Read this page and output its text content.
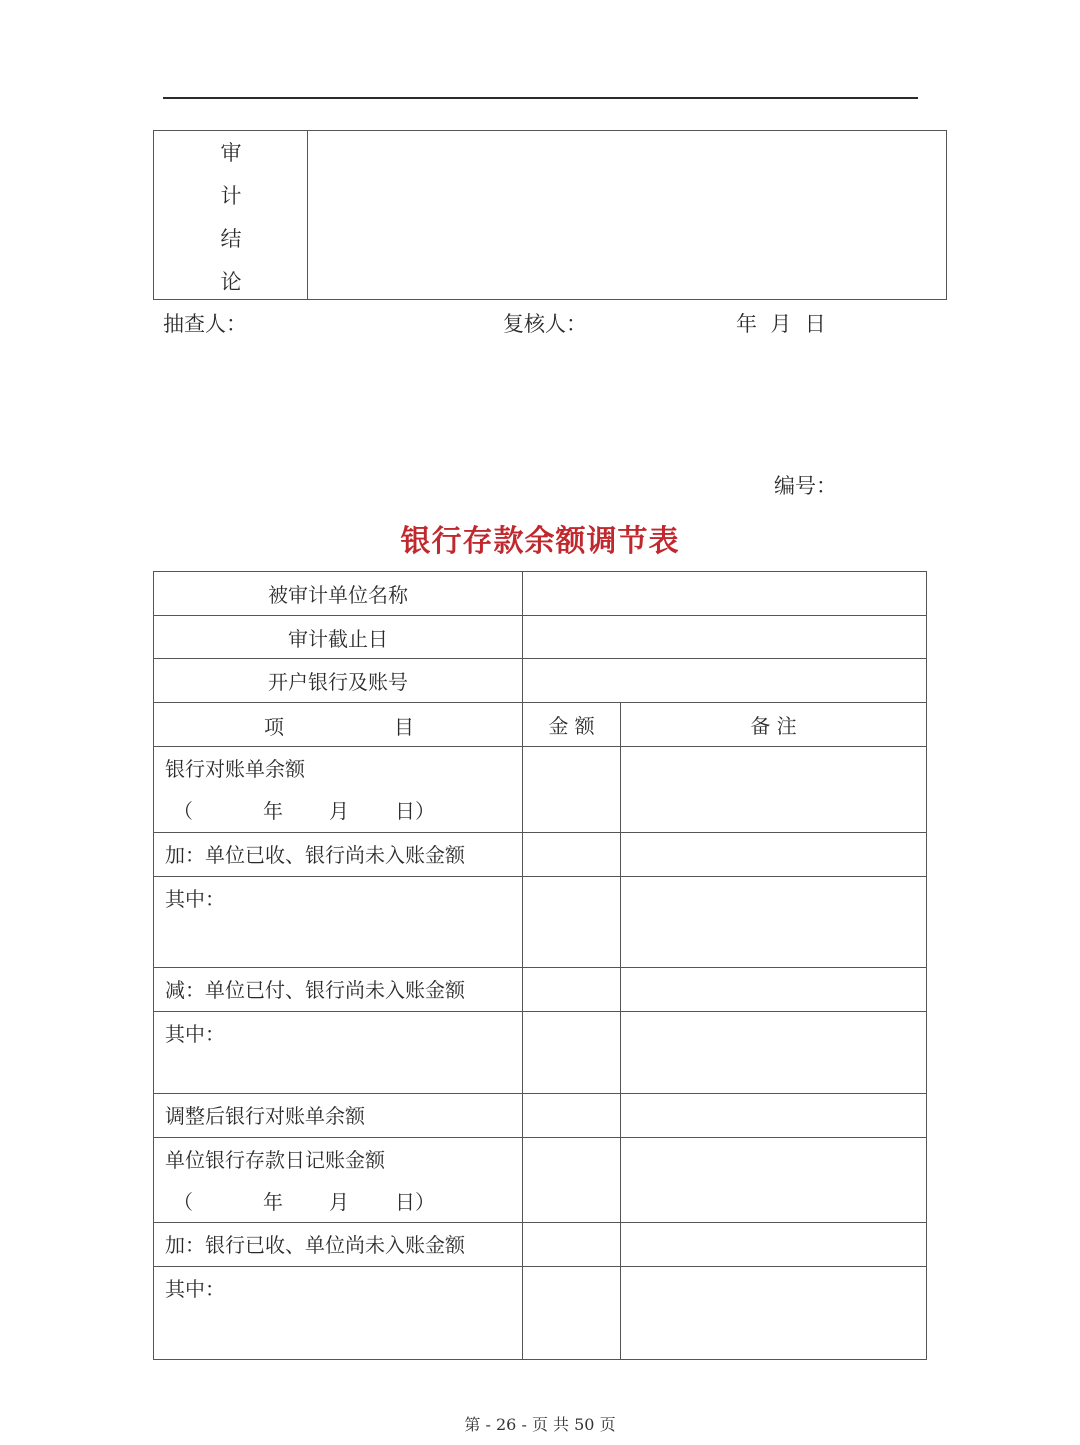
审
计
结
论
抽查人：	复核人：	年  月  日
编号：
银行存款余额调节表
被审计单位名称		
审计截止日		
开户银行及账号		

项 目	金 额	备 注

银行对账单余额
（ 年 月 日）		

加：单位已收、银行尚未入账金额		
其中：		
减：单位已付、银行尚未入账金额		
其中：		
调整后银行对账单余额		

单位银行存款日记账金额
（ 年 月 日）		

加：银行已收、单位尚未入账金额		
其中：		
第 - 26 - 页 共 50 页
